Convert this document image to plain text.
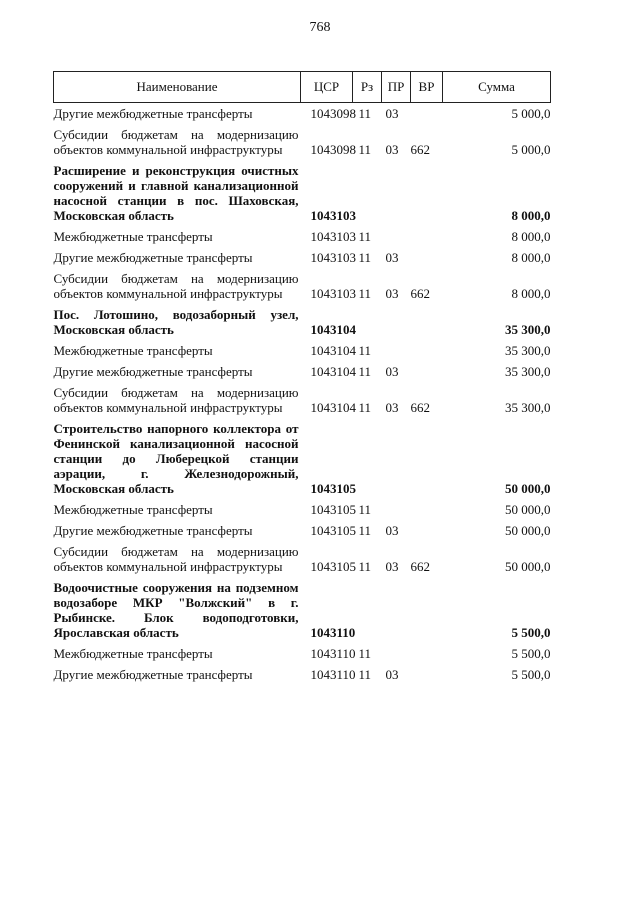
768
Наименование	ЦСР	Рз	ПР	ВР	Сумма
Другие межбюджетные трансферты	1043098	11	03		5 000,0
Субсидии бюджетам на модернизацию объектов коммунальной инфраструктуры	1043098	11	03	662	5 000,0
Расширение и реконструкция очистных сооружений и главной канализационной насосной станции в пос. Шаховская, Московская область	1043103				8 000,0
Межбюджетные трансферты	1043103	11			8 000,0
Другие межбюджетные трансферты	1043103	11	03		8 000,0
Субсидии бюджетам на модернизацию объектов коммунальной инфраструктуры	1043103	11	03	662	8 000,0
Пос. Лотошино, водозаборный узел, Московская область	1043104				35 300,0
Межбюджетные трансферты	1043104	11			35 300,0
Другие межбюджетные трансферты	1043104	11	03		35 300,0
Субсидии бюджетам на модернизацию объектов коммунальной инфраструктуры	1043104	11	03	662	35 300,0
Строительство напорного коллектора от Фенинской канализационной насосной станции до Люберецкой станции аэрации, г. Железнодорожный, Московская область	1043105				50 000,0
Межбюджетные трансферты	1043105	11			50 000,0
Другие межбюджетные трансферты	1043105	11	03		50 000,0
Субсидии бюджетам на модернизацию объектов коммунальной инфраструктуры	1043105	11	03	662	50 000,0
Водоочистные сооружения на подземном водозаборе МКР "Волжский" в г. Рыбинске. Блок водоподготовки, Ярославская область	1043110				5 500,0
Межбюджетные трансферты	1043110	11			5 500,0
Другие межбюджетные трансферты	1043110	11	03		5 500,0
